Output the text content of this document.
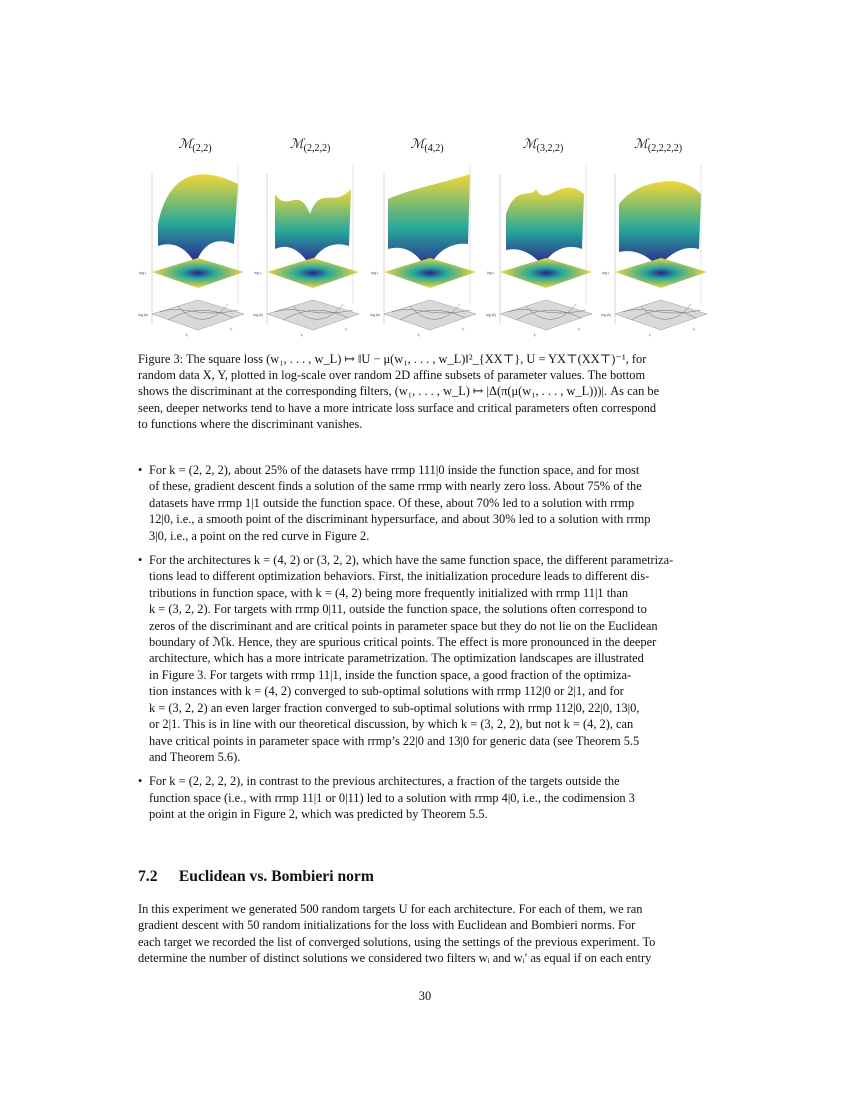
ℳ$_{(2,2)}$
log L
log |Δ|
t₁
t₂
ℳ$_{(2,2,2)}$
log L
log |Δ|
t₁
t₂
ℳ$_{(4,2)}$
log L
log |Δ|
t₁
t₂
ℳ$_{(3,2,2)}$
log L
log |Δ|
t₁
t₂
ℳ$_{(2,2,2,2)}$
log L
log |Δ|
t₁
t₂
Figure 3: The square loss (w₁, . . . , w_L) ↦ ‖U − μ(w₁, . . . , w_L)‖²_{XX⊤}, U = YX⊤(XX⊤)⁻¹, for
random data X, Y, plotted in log-scale over random 2D affine subsets of parameter values. The bottom
shows the discriminant at the corresponding filters, (w₁, . . . , w_L) ↦ |Δ(π(μ(w₁, . . . , w_L)))|. As can be
seen, deeper networks tend to have a more intricate loss surface and critical parameters often correspond
to functions where the discriminant vanishes.
• For k = (2, 2, 2), about 25% of the datasets have rrmp 111|0 inside the function space, and for most
of these, gradient descent finds a solution of the same rrmp with nearly zero loss. About 75% of the
datasets have rrmp 1|1 outside the function space. Of these, about 70% led to a solution with rrmp
12|0, i.e., a smooth point of the discriminant hypersurface, and about 30% led to a solution with rrmp
3|0, i.e., a point on the red curve in Figure 2.
• For the architectures k = (4, 2) or (3, 2, 2), which have the same function space, the different parametriza-
tions lead to different optimization behaviors. First, the initialization procedure leads to different dis-
tributions in function space, with k = (4, 2) being more frequently initialized with rrmp 11|1 than
k = (3, 2, 2). For targets with rrmp 0|11, outside the function space, the solutions often correspond to
zeros of the discriminant and are critical points in parameter space but they do not lie on the Euclidean
boundary of ℳk. Hence, they are spurious critical points. The effect is more pronounced in the deeper
architecture, which has a more intricate parametrization. The optimization landscapes are illustrated
in Figure 3. For targets with rrmp 11|1, inside the function space, a good fraction of the optimiza-
tion instances with k = (4, 2) converged to sub-optimal solutions with rrmp 112|0 or 2|1, and for
k = (3, 2, 2) an even larger fraction converged to sub-optimal solutions with rrmp 112|0, 22|0, 13|0,
or 2|1. This is in line with our theoretical discussion, by which k = (3, 2, 2), but not k = (4, 2), can
have critical points in parameter space with rrmp’s 22|0 and 13|0 for generic data (see Theorem 5.5
and Theorem 5.6).
• For k = (2, 2, 2, 2), in contrast to the previous architectures, a fraction of the targets outside the
function space (i.e., with rrmp 11|1 or 0|11) led to a solution with rrmp 4|0, i.e., the codimension 3
point at the origin in Figure 2, which was predicted by Theorem 5.5.
7.2 Euclidean vs. Bombieri norm
In this experiment we generated 500 random targets U for each architecture. For each of them, we ran
gradient descent with 50 random initializations for the loss with Euclidean and Bombieri norms. For
each target we recorded the list of converged solutions, using the settings of the previous experiment. To
determine the number of distinct solutions we considered two filters wᵢ and wᵢ′ as equal if on each entry
30
